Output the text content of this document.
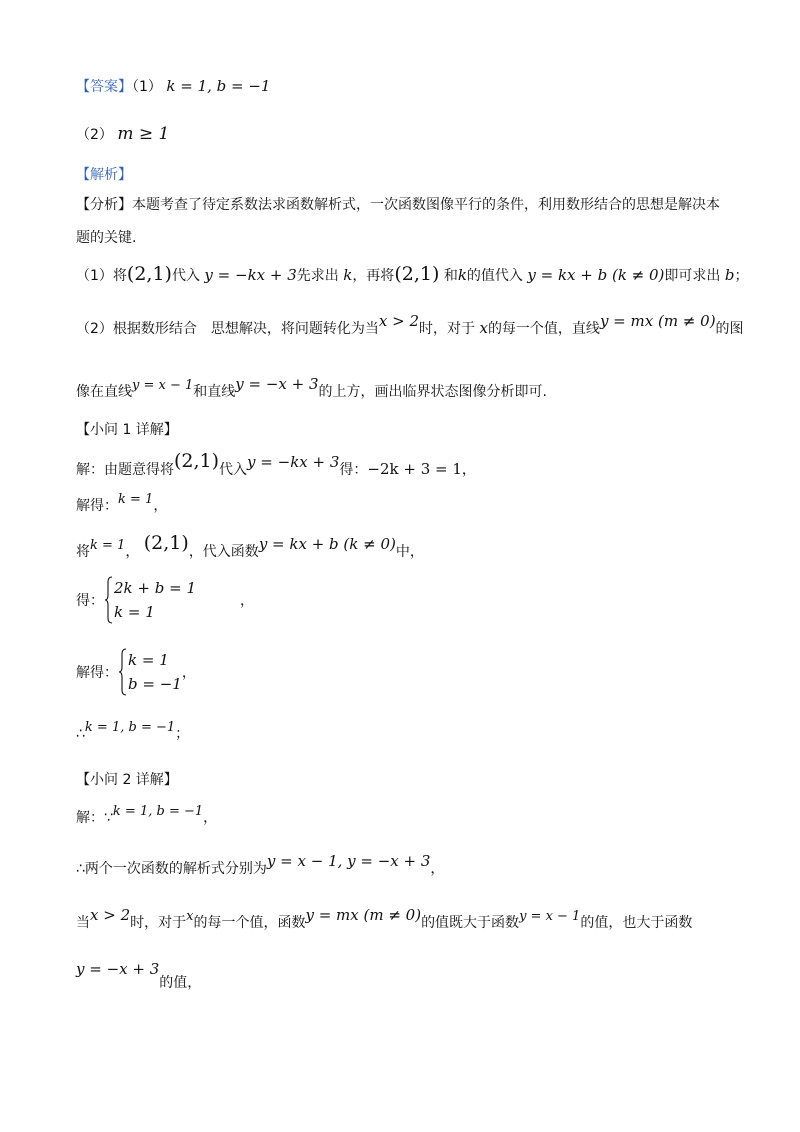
【答案】（1） k = 1, b = −1
（2） m ≥ 1
【解析】
【分析】本题考查了待定系数法求函数解析式，一次函数图像平行的条件，利用数形结合的思想是解决本
题的关键.
（1）将(2,1)代入 y = −kx + 3先求出 k，再将(2,1) 和k的值代入 y = kx + b (k ≠ 0)即可求出 b；
（2）根据数形结合　思想解决，将问题转化为当x > 2时，对于 x的每一个值，直线y = mx (m ≠ 0)的图
像在直线y = x − 1和直线y = −x + 3的上方，画出临界状态图像分析即可.
【小问 1 详解】
解：由题意得将(2,1)代入y = −kx + 3得：−2k + 3 = 1，
解得：k = 1，
将k = 1， (2,1)，代入函数y = kx + b (k ≠ 0)中，
得：
2k + b = 1
k = 1
，
解得：
k = 1
b = −1
，
∴k = 1, b = −1；
【小问 2 详解】
解：∵k = 1, b = −1，
∴两个一次函数的解析式分别为y = x − 1, y = −x + 3，
当x > 2时，对于x的每一个值，函数y = mx (m ≠ 0)的值既大于函数y = x − 1的值，也大于函数
y = −x + 3的值，
